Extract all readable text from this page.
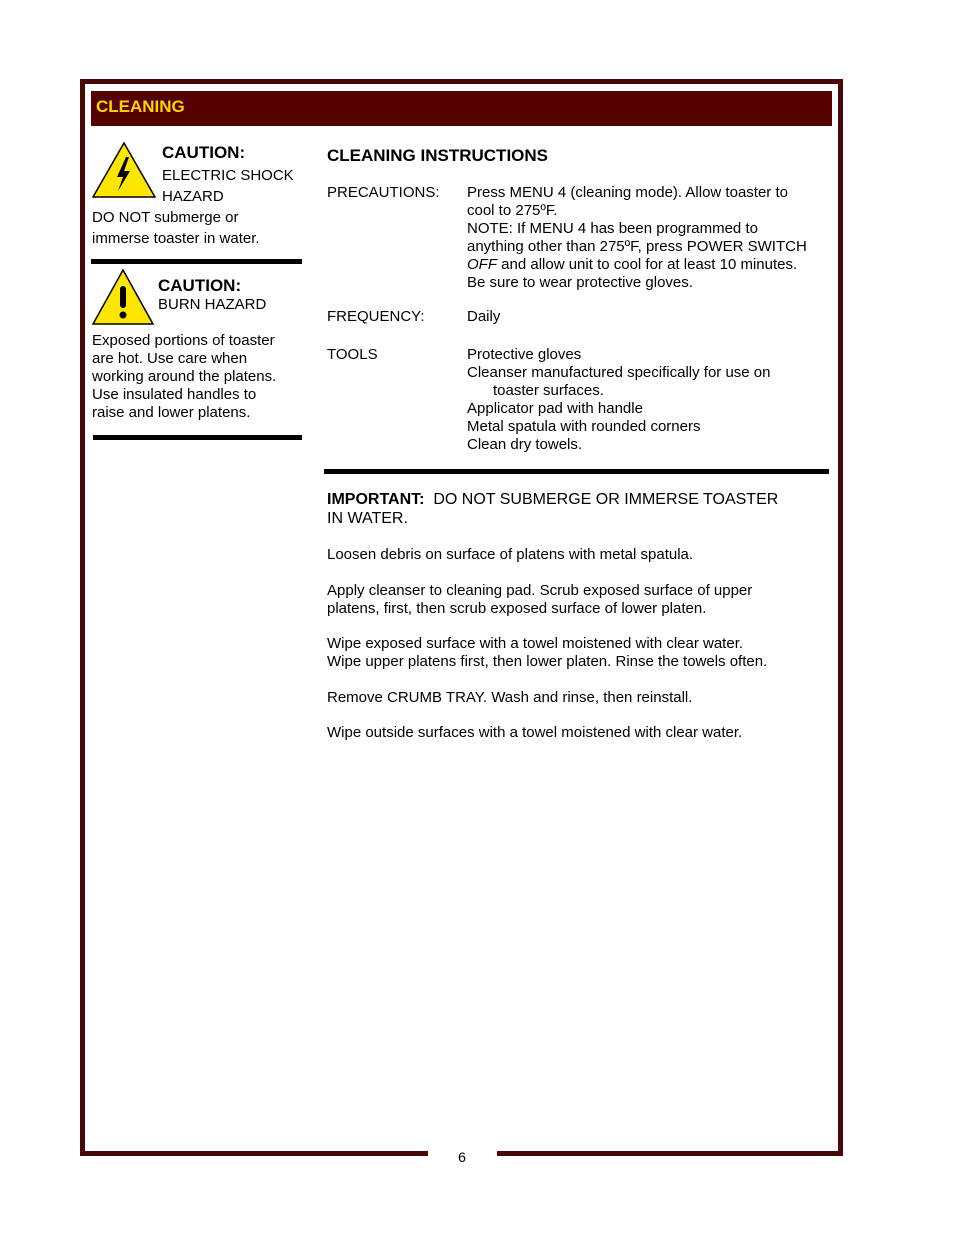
6
CLEANING
CAUTION:
ELECTRIC SHOCK
HAZARD
DO NOT submerge or
immerse toaster in water.
CAUTION:
BURN HAZARD
Exposed portions of toaster
are hot. Use care when
working around the platens.
Use insulated handles to
raise and lower platens.
CLEANING INSTRUCTIONS
PRECAUTIONS: Press MENU 4 (cleaning mode). Allow toaster to
cool to 275ºF.
NOTE: If MENU 4 has been programmed to
anything other than 275ºF, press POWER SWITCH
OFF and allow unit to cool for at least 10 minutes.
Be sure to wear protective gloves.
FREQUENCY:	Daily
TOOLS	Protective gloves
Cleanser manufactured specifically for use on
toaster surfaces.
Applicator pad with handle
Metal spatula with rounded corners
Clean dry towels.
IMPORTANT:  DO NOT SUBMERGE OR IMMERSE TOASTER
IN WATER.
Loosen debris on surface of platens with metal spatula.
Apply cleanser to cleaning pad. Scrub exposed surface of upper
platens, first, then scrub exposed surface of lower platen.
Wipe exposed surface with a towel moistened with clear water.
Wipe upper platens first, then lower platen. Rinse the towels often.
Remove CRUMB TRAY. Wash and rinse, then reinstall.
Wipe outside surfaces with a towel moistened with clear water.
